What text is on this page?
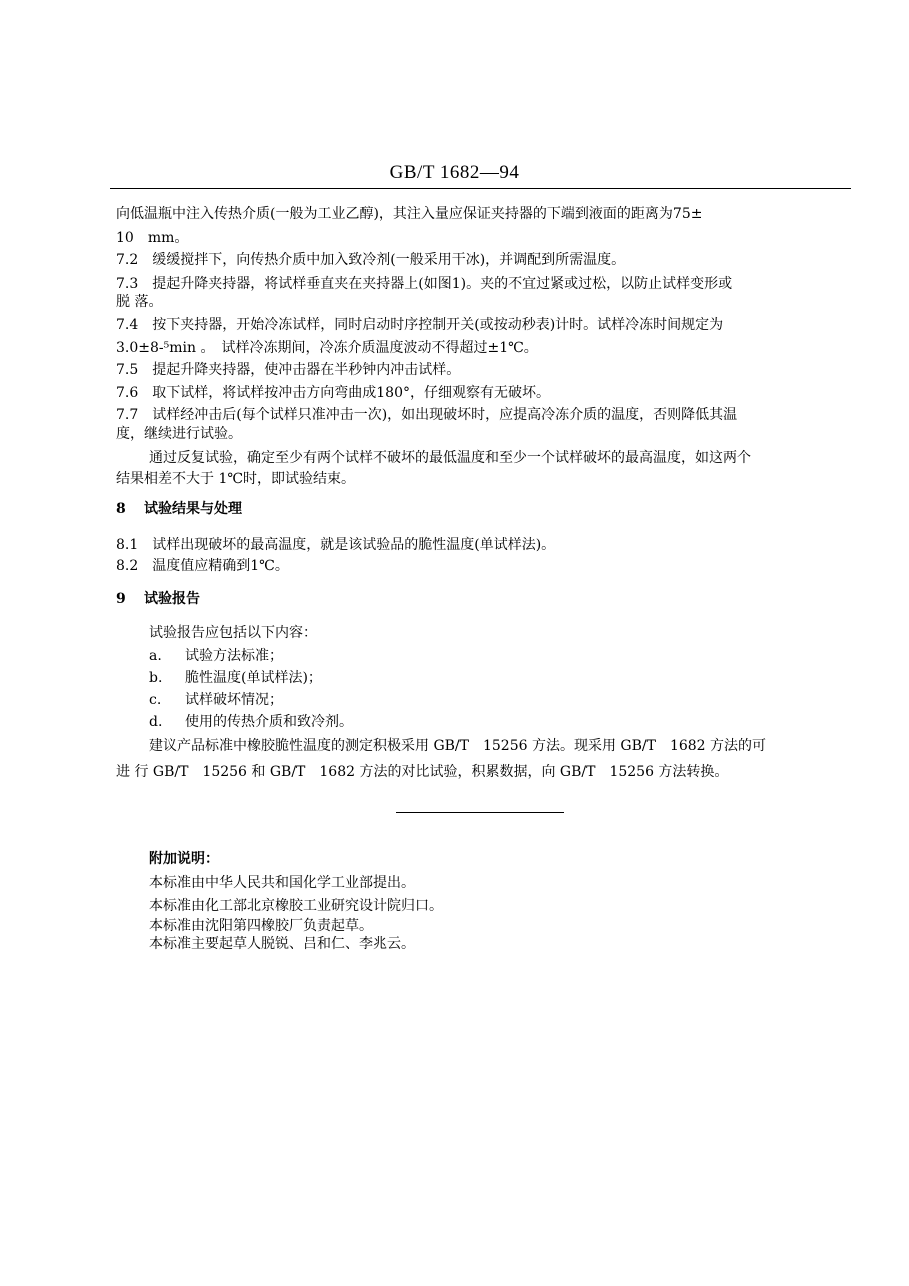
GB/T 1682—94
向低温瓶中注入传热介质(一般为工业乙醇)，其注入量应保证夹持器的下端到液面的距离为75±
10　mm。
7.2　缓缓搅拌下，向传热介质中加入致冷剂(一般采用干冰)，并调配到所需温度。
7.3　提起升降夹持器，将试样垂直夹在夹持器上(如图1)。夹的不宜过紧或过松，以防止试样变形或
脱 落。
7.4　按下夹持器，开始冷冻试样，同时启动时序控制开关(或按动秒表)计时。试样冷冻时间规定为
3.0±8-⁵min 。　试样冷冻期间，冷冻介质温度波动不得超过±1℃。
7.5　提起升降夹持器，使冲击器在半秒钟内冲击试样。
7.6　取下试样，将试样按冲击方向弯曲成180°，仔细观察有无破坏。
7.7　试样经冲击后(每个试样只准冲击一次)，如出现破坏时，应提高冷冻介质的温度，否则降低其温
度，继续进行试验。
通过反复试验，确定至少有两个试样不破坏的最低温度和至少一个试样破坏的最高温度，如这两个
结果相差不大于 1℃时，即试验结束。
8 试验结果与处理
8.1　试样出现破坏的最高温度，就是该试验品的脆性温度(单试样法)。
8.2　温度值应精确到1℃。
9 试验报告
试验报告应包括以下内容：
a. 试验方法标准；
b. 脆性温度(单试样法)；
c. 试样破坏情况；
d. 使用的传热介质和致冷剂。
建议产品标准中橡胶脆性温度的测定积极采用 GB/T　15256 方法。现采用 GB/T　1682 方法的可
进 行 GB/T　15256 和 GB/T　1682 方法的对比试验，积累数据，向 GB/T　15256 方法转换。
附加说明：
本标准由中华人民共和国化学工业部提出。
本标准由化工部北京橡胶工业研究设计院归口。
本标准由沈阳第四橡胶厂负责起草。
本标准主要起草人脱锐、吕和仁、李兆云。
